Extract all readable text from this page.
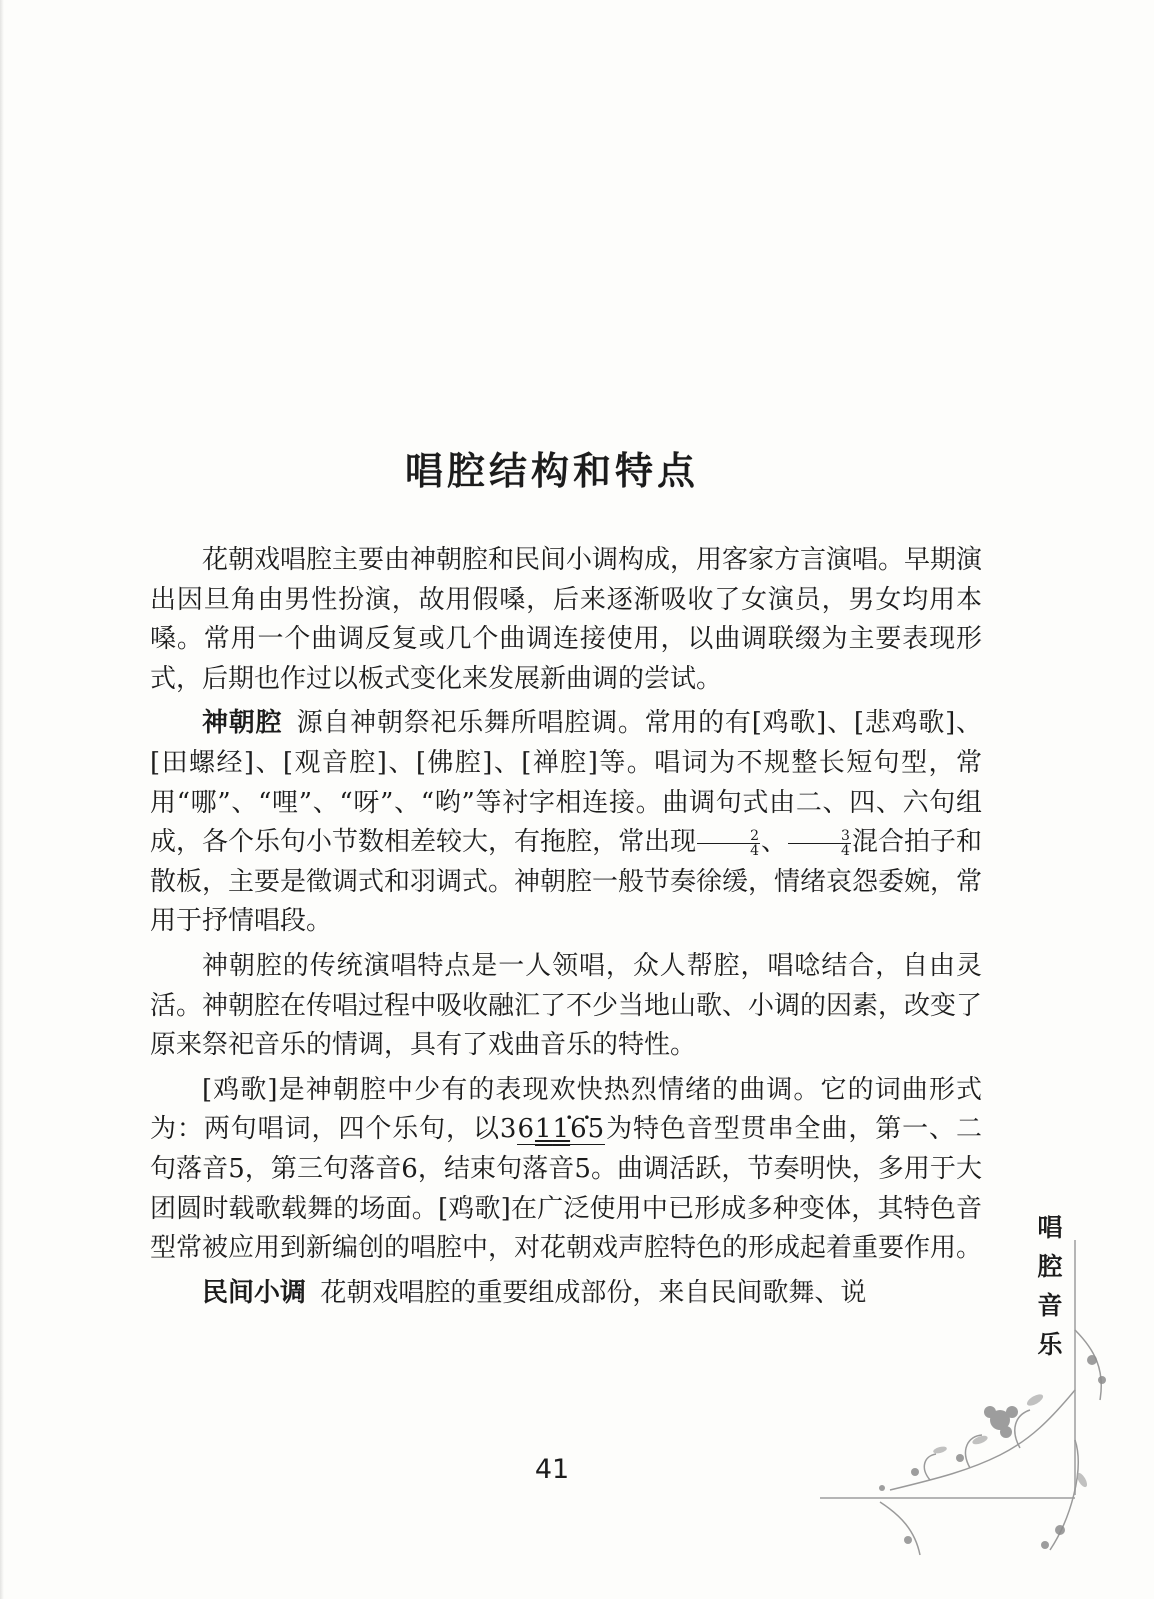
唱腔结构和特点

花朝戏唱腔主要由神朝腔和民间小调构成，用客家方言演唱。早期演出因旦角由男性扮演，故用假嗓，后来逐渐吸收了女演员，男女均用本嗓。常用一个曲调反复或几个曲调连接使用，以曲调联缀为主要表现形式，后期也作过以板式变化来发展新曲调的尝试。

神朝腔 源自神朝祭祀乐舞所唱腔调。常用的有[鸡歌]、[悲鸡歌]、[田螺经]、[观音腔]、[佛腔]、[禅腔]等。唱词为不规整长短句型，常用“哪”、“哩”、“呀”、“哟”等衬字相连接。曲调句式由二、四、六句组成，各个乐句小节数相差较大，有拖腔，常出现 $\frac{2}{4}$ 、 $\frac{3}{4}$ 混合拍子和散板，主要是徵调式和羽调式。神朝腔一般节奏徐缓，情绪哀怨委婉，常用于抒情唱段。

神朝腔的传统演唱特点是一人领唱，众人帮腔，唱唸结合，自由灵活。神朝腔在传唱过程中吸收融汇了不少当地山歌、小调的因素，改变了原来祭祀音乐的情调，具有了戏曲音乐的特性。

[鸡歌]是神朝腔中少有的表现欢快热烈情绪的曲调。它的词曲形式为：两句唱词，四个乐句，以36· 1· 165为特色音型贯串全曲，第一、二句落音5，第三句落音6，结束句落音5。曲调活跃，节奏明快，多用于大团圆时载歌载舞的场面。[鸡歌]在广泛使用中已形成多种变体，其特色音型常被应用到新编创的唱腔中，对花朝戏声腔特色的形成起着重要作用。

民间小调 花朝戏唱腔的重要组成部份，来自民间歌舞、说

唱
腔
音
乐
41
